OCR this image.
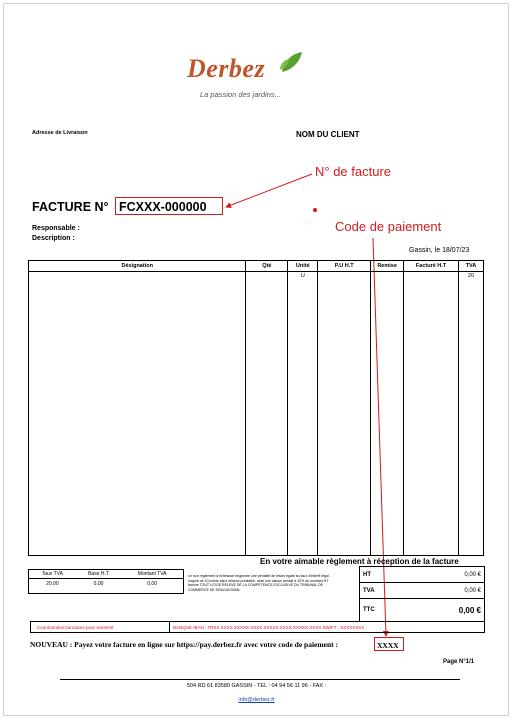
Derbez
La passion des jardins...
Adresse de Livraison	NOM DU CLIENT
N° de facture
Code de paiement
FACTURE N° FCXXX-000000
Responsable :
Description :
Gassin, le 18/07/23
Désignation	Qté	Unité	P.U H.T	Remise	Facturé H.T	TVA
		U				20
En votre aimable règlement à réception de la facture
Taux TVA	Base H.T	Montant TVA
20,00	0,00	0,00
Le non règlement à échéance engendre une pénalité de retard égale au taux d'intérêt légal majoré de 10 points sans relance préalable, ainsi une clause pénale à 10% du montant HT facture TOUT LITIGE RELEVE DE LA COMPETENCE EXCLUSIVE DU TRIBUNAL DE COMMERCE DE DRAGUIGNAN.
HT	0,00 €
TVA	0,00 €
TTC	0,00 €
Coordonnées bancaires pour virement	BANQUE IBAN : FRXX XXXX XXXXX XXXX XXXXX XXXX XXXXX XXXX SWIFT : XXXXXXXX
NOUVEAU : Payez votre facture en ligne sur https://pay.derbez.fr avec votre code de paiement :	XXXX
Page N°1/1
504 RD 61 83580 GASSIN - TEL : 04 94 56 11 96 - FAX :
info@derbez.fr
